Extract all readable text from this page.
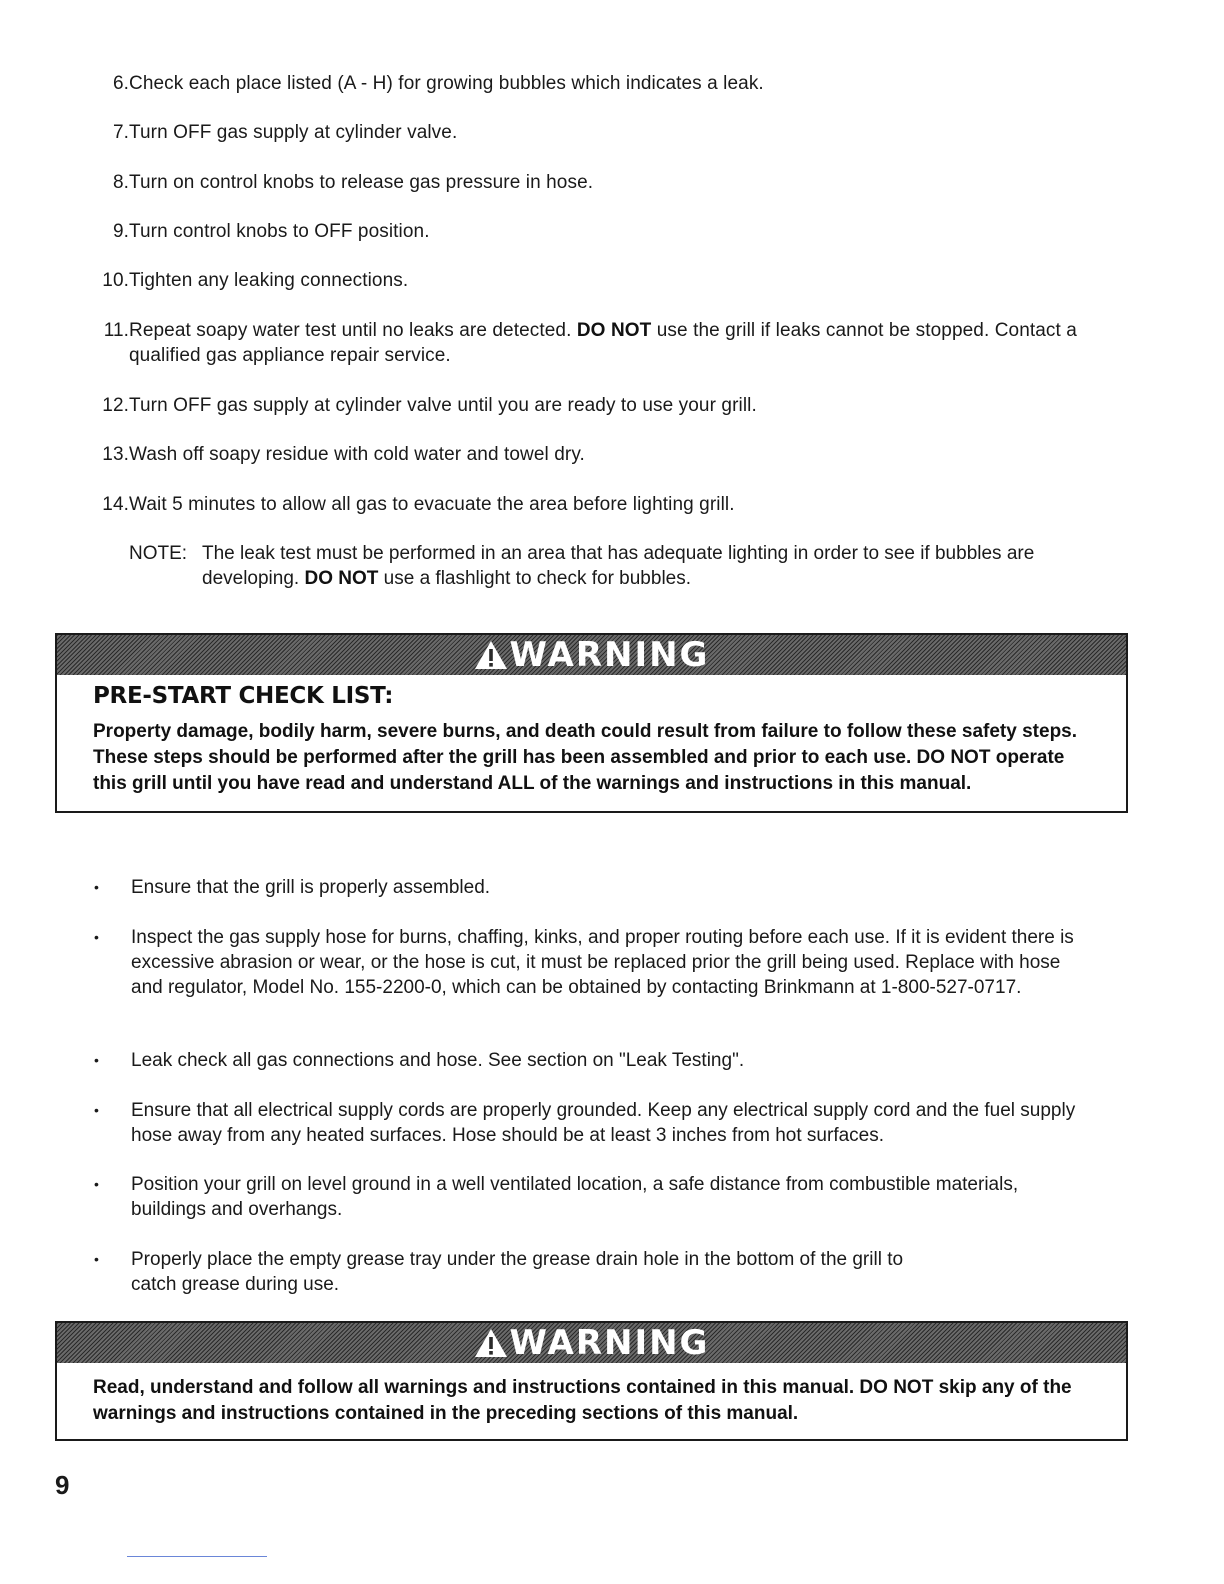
6. Check each place listed (A - H) for growing bubbles which indicates a leak.
7. Turn OFF gas supply at cylinder valve.
8. Turn on control knobs to release gas pressure in hose.
9. Turn control knobs to OFF position.
10. Tighten any leaking connections.
11. Repeat soapy water test until no leaks are detected. DO NOT use the grill if leaks cannot be stopped. Contact a qualified gas appliance repair service.
12. Turn OFF gas supply at cylinder valve until you are ready to use your grill.
13. Wash off soapy residue with cold water and towel dry.
14. Wait 5 minutes to allow all gas to evacuate the area before lighting grill.
NOTE: The leak test must be performed in an area that has adequate lighting in order to see if bubbles are developing. DO NOT use a flashlight to check for bubbles.
WARNING
PRE-START CHECK LIST:
Property damage, bodily harm, severe burns, and death could result from failure to follow these safety steps. These steps should be performed after the grill has been assembled and prior to each use. DO NOT operate this grill until you have read and understand ALL of the warnings and instructions in this manual.
•	Ensure that the grill is properly assembled.
•	Inspect the gas supply hose for burns, chaffing, kinks, and proper routing before each use. If it is evident there is excessive abrasion or wear, or the hose is cut, it must be replaced prior the grill being used. Replace with hose and regulator, Model No. 155-2200-0, which can be obtained by contacting Brinkmann at 1-800-527-0717.
•	Leak check all gas connections and hose. See section on "Leak Testing".
•	Ensure that all electrical supply cords are properly grounded. Keep any electrical supply cord and the fuel supply hose away from any heated surfaces. Hose should be at least 3 inches from hot surfaces.
•	Position your grill on level ground in a well ventilated location, a safe distance from combustible materials, buildings and overhangs.
•	Properly place the empty grease tray under the grease drain hole in the bottom of the grill to catch grease during use.
WARNING
Read, understand and follow all warnings and instructions contained in this manual. DO NOT skip any of the warnings and instructions contained in the preceding sections of this manual.
9
